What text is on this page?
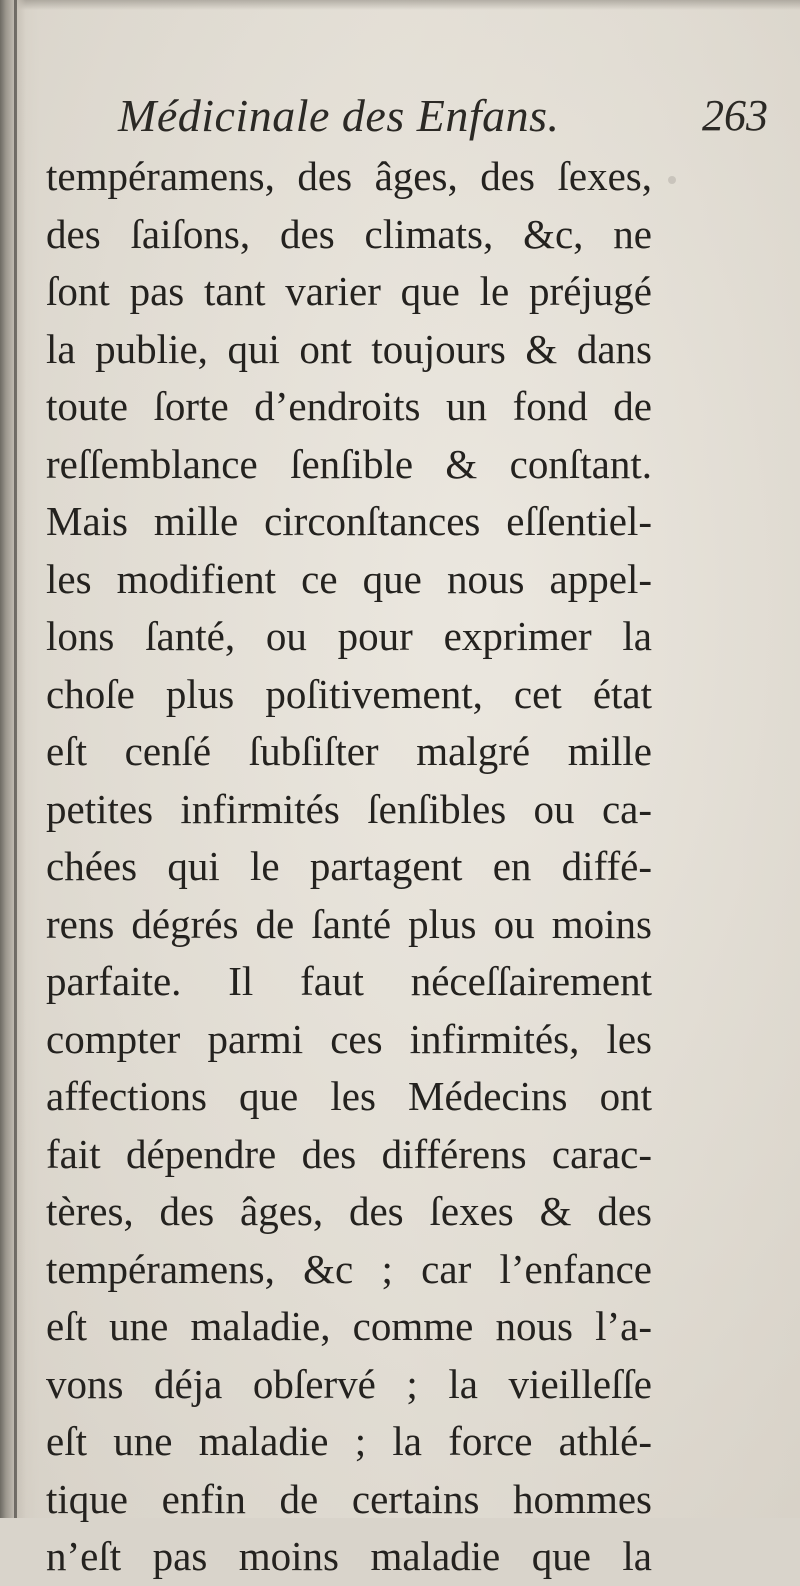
Médicinale des Enfans.	263
tempéramens, des âges, des ſexes,
des ſaiſons, des climats, &c, ne
ſont pas tant varier que le préjugé
la publie, qui ont toujours & dans
toute ſorte d’endroits un fond de
reſſemblance ſenſible & conſtant.
Mais mille circonſtances eſſentiel-
les modifient ce que nous appel-
lons ſanté, ou pour exprimer la
choſe plus poſitivement, cet état
eſt cenſé ſubſiſter malgré mille
petites infirmités ſenſibles ou ca-
chées qui le partagent en diffé-
rens dégrés de ſanté plus ou moins
parfaite. Il faut néceſſairement
compter parmi ces infirmités, les
affections que les Médecins ont
fait dépendre des différens carac-
tères, des âges, des ſexes & des
tempéramens, &c ; car l’enfance
eſt une maladie, comme nous l’a-
vons déja obſervé ; la vieilleſſe
eſt une maladie ; la force athlé-
tique enfin de certains hommes
n’eſt pas moins maladie que la
